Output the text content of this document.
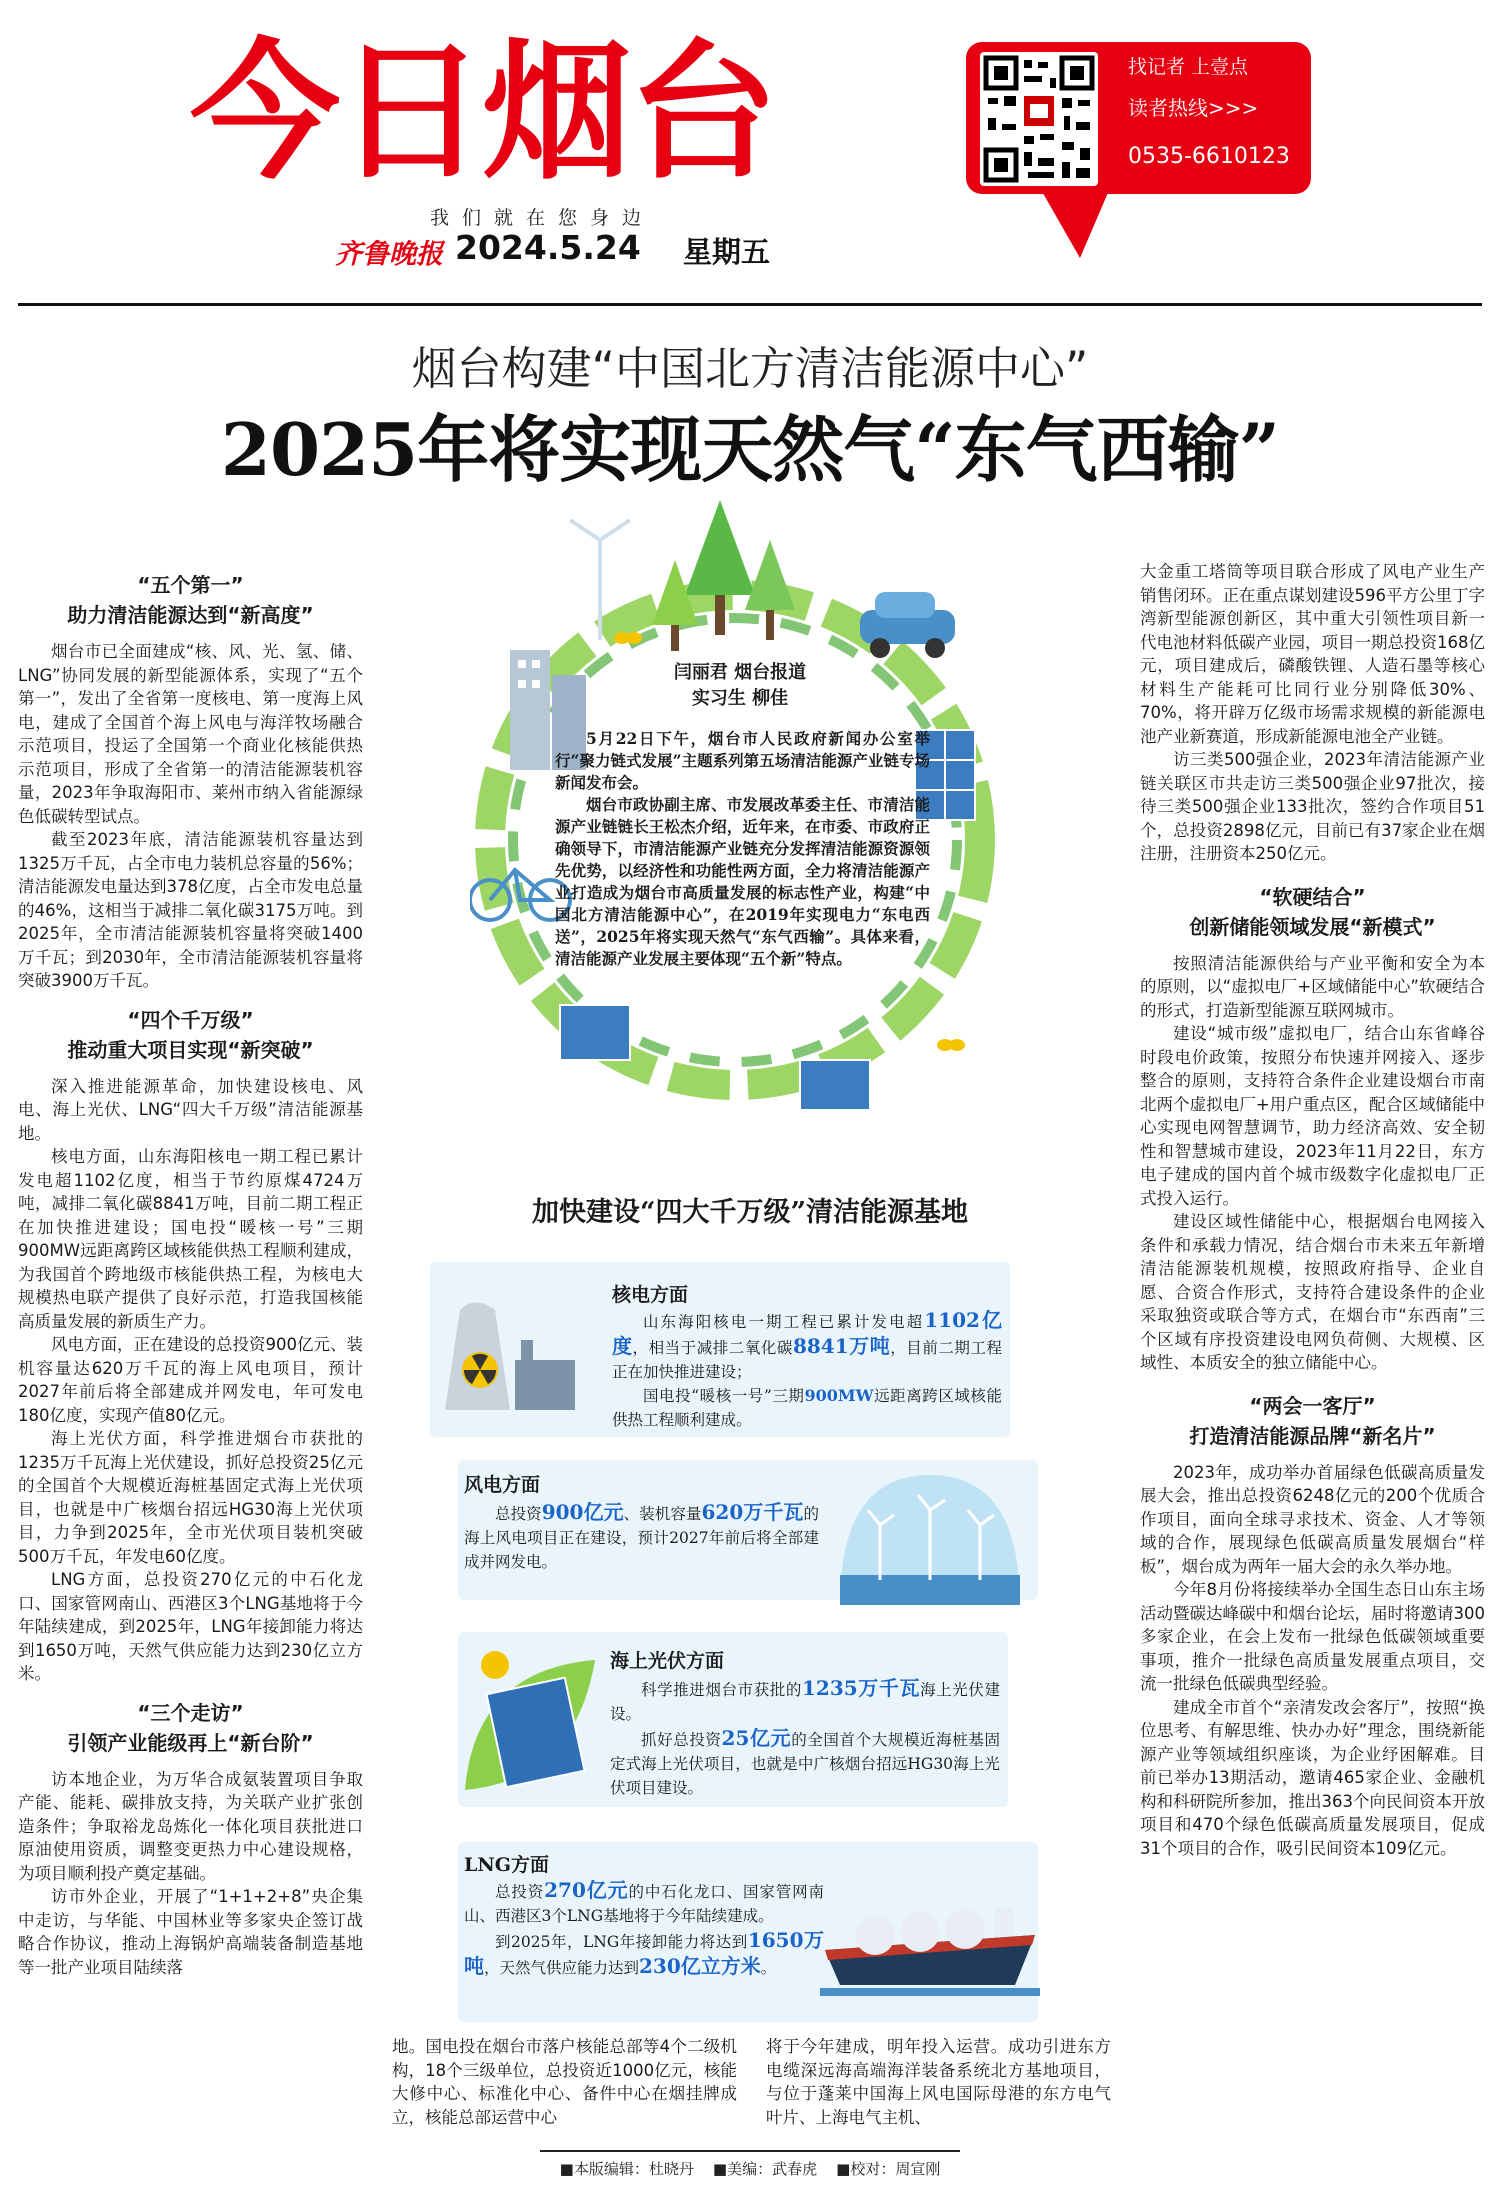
今日烟台
我们就在您身边
齐鲁晚报 2024.5.24 星期五
找记者 上壹点
读者热线>>>
0535-6610123
烟台构建“中国北方清洁能源中心”
2025年将实现天然气“东气西输”
“五个第一”
助力清洁能源达到“新高度”

烟台市已全面建成“核、风、光、氢、储、LNG”协同发展的新型能源体系，实现了“五个第一”，发出了全省第一度核电、第一度海上风电，建成了全国首个海上风电与海洋牧场融合示范项目，投运了全国第一个商业化核能供热示范项目，形成了全省第一的清洁能源装机容量，2023年争取海阳市、莱州市纳入省能源绿色低碳转型试点。

截至2023年底，清洁能源装机容量达到1325万千瓦，占全市电力装机总容量的56%；清洁能源发电量达到378亿度，占全市发电总量的46%，这相当于减排二氧化碳3175万吨。到2025年，全市清洁能源装机容量将突破1400万千瓦；到2030年，全市清洁能源装机容量将突破3900万千瓦。

“四个千万级”
推动重大项目实现“新突破”

深入推进能源革命，加快建设核电、风电、海上光伏、LNG“四大千万级”清洁能源基地。

核电方面，山东海阳核电一期工程已累计发电超1102亿度，相当于节约原煤4724万吨，减排二氧化碳8841万吨，目前二期工程正在加快推进建设；国电投“暖核一号”三期900MW远距离跨区域核能供热工程顺利建成，为我国首个跨地级市核能供热工程，为核电大规模热电联产提供了良好示范，打造我国核能高质量发展的新质生产力。

风电方面，正在建设的总投资900亿元、装机容量达620万千瓦的海上风电项目，预计2027年前后将全部建成并网发电，年可发电180亿度，实现产值80亿元。

海上光伏方面，科学推进烟台市获批的1235万千瓦海上光伏建设，抓好总投资25亿元的全国首个大规模近海桩基固定式海上光伏项目，也就是中广核烟台招远HG30海上光伏项目，力争到2025年，全市光伏项目装机突破500万千瓦，年发电60亿度。

LNG方面，总投资270亿元的中石化龙口、国家管网南山、西港区3个LNG基地将于今年陆续建成，到2025年，LNG年接卸能力将达到1650万吨，天然气供应能力达到230亿立方米。

“三个走访”
引领产业能级再上“新台阶”

访本地企业，为万华合成氨装置项目争取产能、能耗、碳排放支持，为关联产业扩张创造条件；争取裕龙岛炼化一体化项目获批进口原油使用资质，调整变更热力中心建设规格，为项目顺利投产奠定基础。

访市外企业，开展了“1+1+2+8”央企集中走访，与华能、中国林业等多家央企签订战略合作协议，推动上海锅炉高端装备制造基地等一批产业项目陆续落

地。国电投在烟台市落户核能总部等4个二级机构，18个三级单位，总投资近1000亿元，核能大修中心、标准化中心、备件中心在烟挂牌成立，核能总部运营中心
将于今年建成，明年投入运营。成功引进东方电缆深远海高端海洋装备系统北方基地项目，与位于蓬莱中国海上风电国际母港的东方电气叶片、上海电气主机、

大金重工塔筒等项目联合形成了风电产业生产销售闭环。正在重点谋划建设596平方公里丁字湾新型能源创新区，其中重大引领性项目新一代电池材料低碳产业园，项目一期总投资168亿元，项目建成后，磷酸铁锂、人造石墨等核心材料生产能耗可比同行业分别降低30%、70%，将开辟万亿级市场需求规模的新能源电池产业新赛道，形成新能源电池全产业链。

访三类500强企业，2023年清洁能源产业链关联区市共走访三类500强企业97批次，接待三类500强企业133批次，签约合作项目51个，总投资2898亿元，目前已有37家企业在烟注册，注册资本250亿元。

“软硬结合”
创新储能领域发展“新模式”

按照清洁能源供给与产业平衡和安全为本的原则，以“虚拟电厂+区域储能中心”软硬结合的形式，打造新型能源互联网城市。

建设“城市级”虚拟电厂，结合山东省峰谷时段电价政策，按照分布快速并网接入、逐步整合的原则，支持符合条件企业建设烟台市南北两个虚拟电厂+用户重点区，配合区域储能中心实现电网智慧调节，助力经济高效、安全韧性和智慧城市建设，2023年11月22日，东方电子建成的国内首个城市级数字化虚拟电厂正式投入运行。

建设区域性储能中心，根据烟台电网接入条件和承载力情况，结合烟台市未来五年新增清洁能源装机规模，按照政府指导、企业自愿、合资合作形式，支持符合建设条件的企业采取独资或联合等方式，在烟台市“东西南”三个区域有序投资建设电网负荷侧、大规模、区域性、本质安全的独立储能中心。

“两会一客厅”
打造清洁能源品牌“新名片”

2023年，成功举办首届绿色低碳高质量发展大会，推出总投资6248亿元的200个优质合作项目，面向全球寻求技术、资金、人才等领域的合作，展现绿色低碳高质量发展烟台“样板”，烟台成为两年一届大会的永久举办地。

今年8月份将接续举办全国生态日山东主场活动暨碳达峰碳中和烟台论坛，届时将邀请300多家企业，在会上发布一批绿色低碳领域重要事项，推介一批绿色高质量发展重点项目，交流一批绿色低碳典型经验。

建成全市首个“亲清发改会客厅”，按照“换位思考、有解思维、快办办好”理念，围绕新能源产业等领域组织座谈，为企业纾困解难。目前已举办13期活动，邀请465家企业、金融机构和科研院所参加，推出363个向民间资本开放项目和470个绿色低碳高质量发展项目，促成31个项目的合作，吸引民间资本109亿元。

闫丽君 烟台报道
实习生 柳佳

5月22日下午，烟台市人民政府新闻办公室举行“聚力链式发展”主题系列第五场清洁能源产业链专场新闻发布会。

烟台市政协副主席、市发展改革委主任、市清洁能源产业链链长王松杰介绍，近年来，在市委、市政府正确领导下，市清洁能源产业链充分发挥清洁能源资源领先优势，以经济性和功能性两方面，全力将清洁能源产业打造成为烟台市高质量发展的标志性产业，构建“中国北方清洁能源中心”，在2019年实现电力“东电西送”，2025年将实现天然气“东气西输”。具体来看，清洁能源产业发展主要体现“五个新”特点。

加快建设“四大千万级”清洁能源基地
核电方面

山东海阳核电一期工程已累计发电超1102亿度，相当于减排二氧化碳8841万吨，目前二期工程正在加快推进建设；

国电投“暖核一号”三期900MW远距离跨区域核能供热工程顺利建成。

风电方面

总投资900亿元、装机容量620万千瓦的海上风电项目正在建设，预计2027年前后将全部建成并网发电。

海上光伏方面

科学推进烟台市获批的1235万千瓦海上光伏建设。

抓好总投资25亿元的全国首个大规模近海桩基固定式海上光伏项目，也就是中广核烟台招远HG30海上光伏项目建设。

LNG方面

总投资270亿元的中石化龙口、国家管网南山、西港区3个LNG基地将于今年陆续建成。

到2025年，LNG年接卸能力将达到1650万吨，天然气供应能力达到230亿立方米。

■本版编辑：杜晓丹 ■美编：武春虎 ■校对：周宣刚
